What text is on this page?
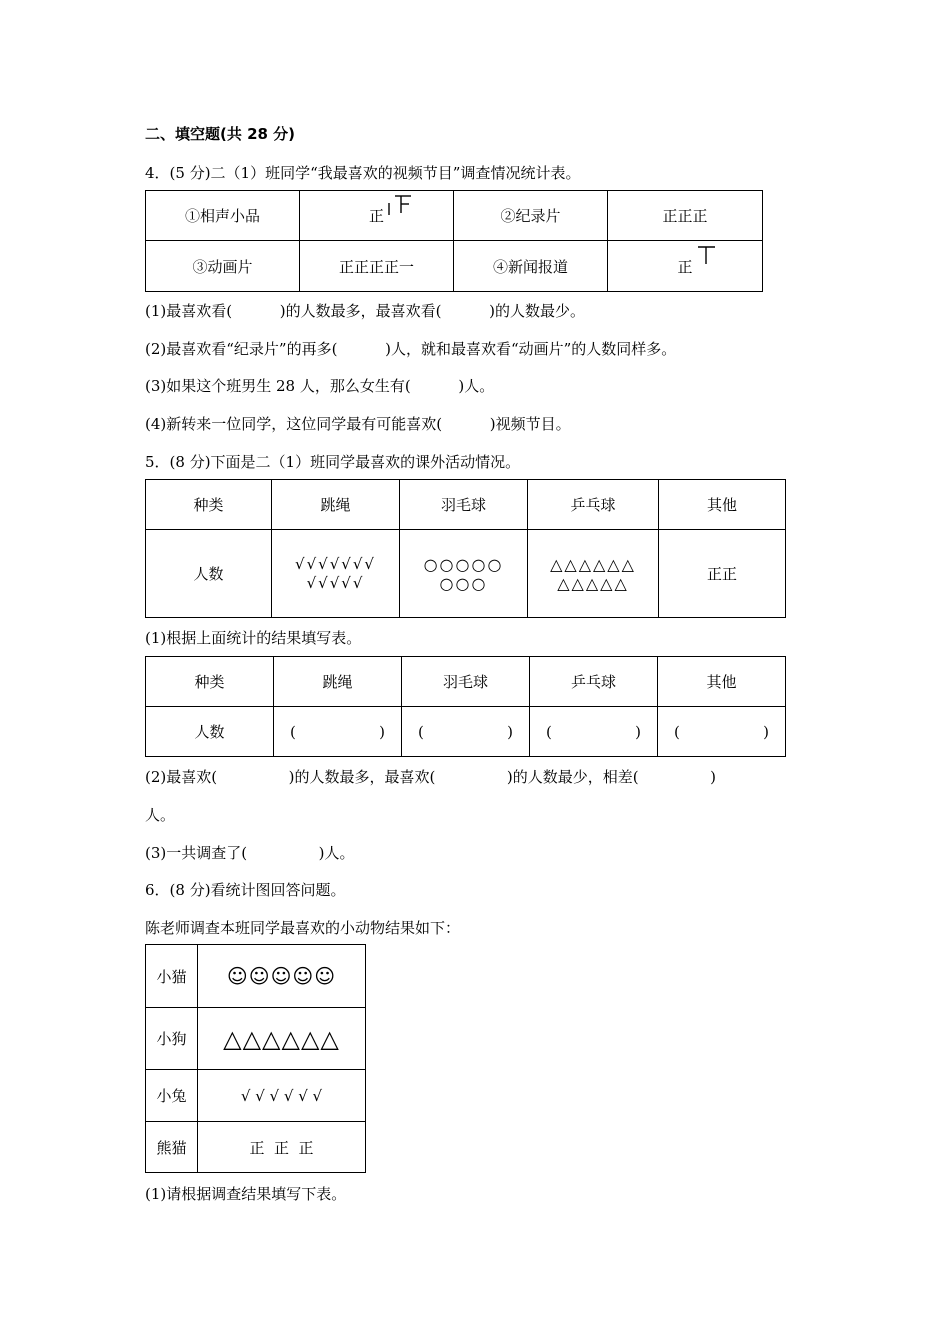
二、填空题(共 28 分)
4．(5 分)二（1）班同学“我最喜欢的视频节目”调查情况统计表。
①相声小品	正	②纪录片	正正正
③动画片	正正正正一	④新闻报道	正
(1)最喜欢看(          )的人数最多，最喜欢看(          )的人数最少。
(2)最喜欢看“纪录片”的再多(          )人，就和最喜欢看“动画片”的人数同样多。
(3)如果这个班男生 28 人，那么女生有(          )人。
(4)新转来一位同学，这位同学最有可能喜欢(          )视频节目。
5．(8 分)下面是二（1）班同学最喜欢的课外活动情况。
种类	跳绳	羽毛球	乒乓球	其他
人数	√√√√√√√
√√√√√	○○○○○
○○○	△△△△△△
△△△△△	正正
(1)根据上面统计的结果填写表。
种类	跳绳	羽毛球	乒乓球	其他
人数	( )	( )	( )	( )
(2)最喜欢(               )的人数最多，最喜欢(               )的人数最少，相差(               )
人。
(3)一共调查了(               )人。
6．(8 分)看统计图回答问题。
陈老师调查本班同学最喜欢的小动物结果如下：
小猫	☺☺☺☺☺
小狗	△△△△△△
小兔	√ √ √ √ √ √
熊猫	正  正  正
(1)请根据调查结果填写下表。
